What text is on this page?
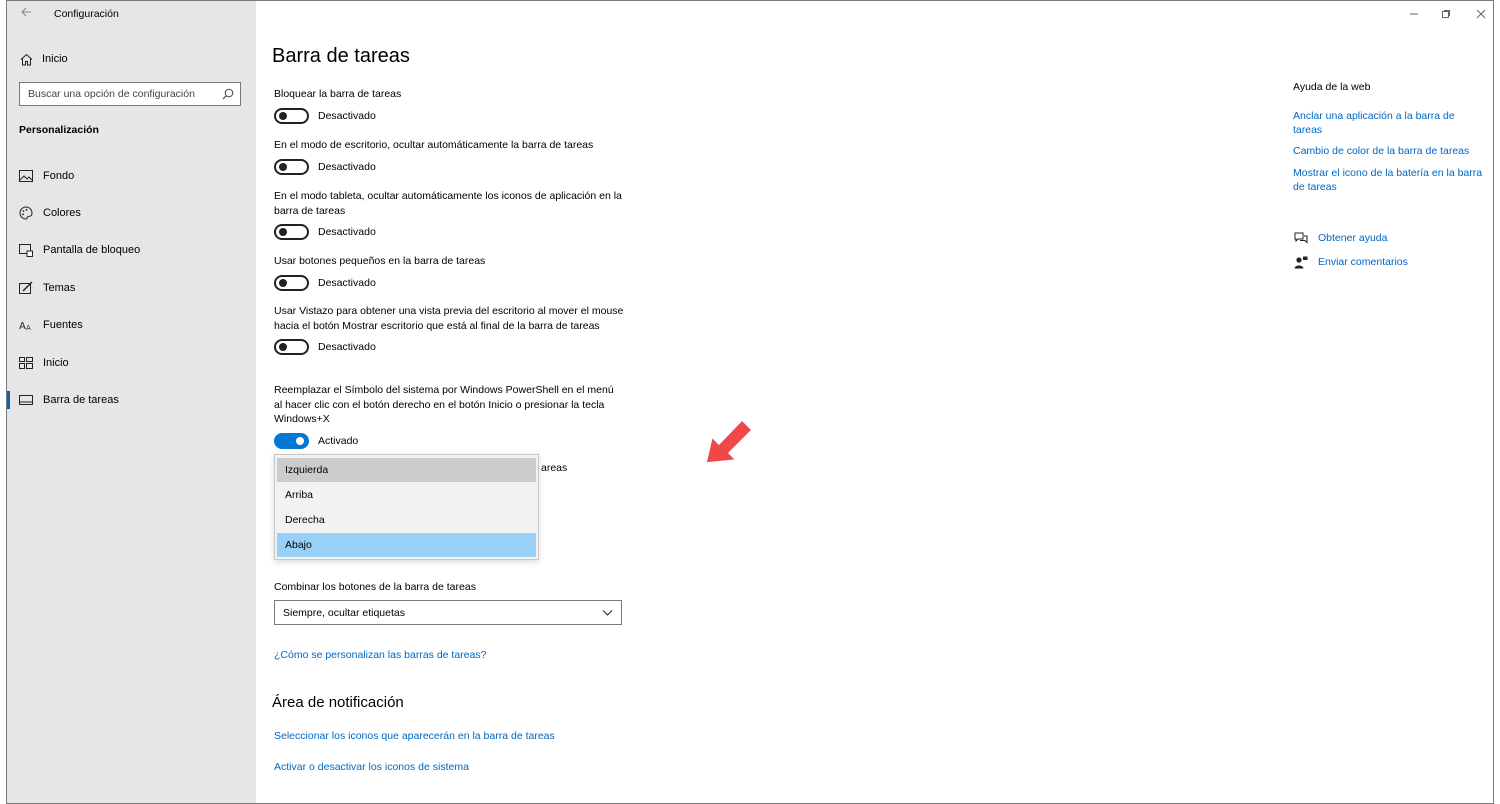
Configuración
Inicio
Buscar una opción de configuración
Personalización
Fondo
Colores
Pantalla de bloqueo
Temas
A A Fuentes
Inicio
Barra de tareas
Barra de tareas
Bloquear la barra de tareas
Desactivado
En el modo de escritorio, ocultar automáticamente la barra de tareas
Desactivado
En el modo tableta, ocultar automáticamente los iconos de aplicación en la barra de tareas
Desactivado
Usar botones pequeños en la barra de tareas
Desactivado
Usar Vistazo para obtener una vista previa del escritorio al mover el mouse hacia el botón Mostrar escritorio que está al final de la barra de tareas
Desactivado
Reemplazar el Símbolo del sistema por Windows PowerShell en el menú al hacer clic con el botón derecho en el botón Inicio o presionar la tecla Windows+X
Activado
areas
Izquierda
Arriba
Derecha
Abajo
Combinar los botones de la barra de tareas
Siempre, ocultar etiquetas
¿Cómo se personalizan las barras de tareas?
Área de notificación
Seleccionar los iconos que aparecerán en la barra de tareas
Activar o desactivar los iconos de sistema
Ayuda de la web
Anclar una aplicación a la barra de tareas
Cambio de color de la barra de tareas
Mostrar el icono de la batería en la barra de tareas
Obtener ayuda
Enviar comentarios
